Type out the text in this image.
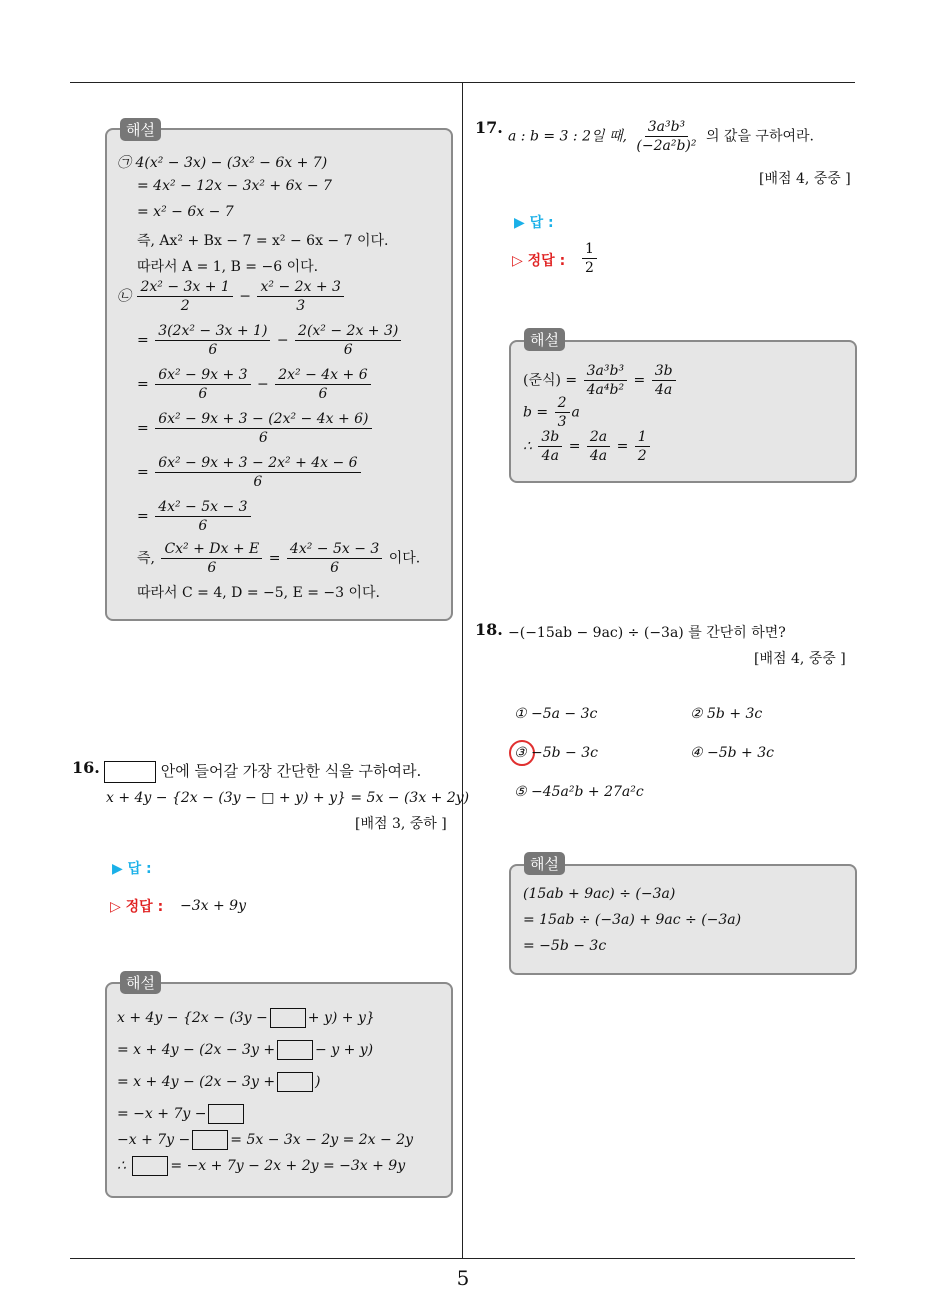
5
㉠ 4(x² − 3x) − (3x² − 6x + 7)
= 4x² − 12x − 3x² + 6x − 7
= x² − 6x − 7
즉, Ax² + Bx − 7 = x² − 6x − 7 이다.
따라서 A = 1, B = −6 이다.
㉡ $\frac{\text{2x² − 3x + 1}}{2} - \frac{\text{x² − 2x + 3}}{3}$
= $\frac{\text{3(2x² − 3x + 1)}}{6} - \frac{\text{2(x² − 2x + 3)}}{6}$
= $\frac{\text{6x² − 9x + 3}}{6} - \frac{\text{2x² − 4x + 6}}{6}$
= $\frac{\text{6x² − 9x + 3 − (2x² − 4x + 6)}}{6}$
= $\frac{\text{6x² − 9x + 3 − 2x² + 4x − 6}}{6}$
= $\frac{\text{4x² − 5x − 3}}{6}$
즉, $\frac{\text{Cx² + Dx + E}}{6} = \frac{\text{4x² − 5x − 3}}{6}$ 이다.
따라서 C = 4, D = −5, E = −3 이다.
해설
16.	안에 들어갈 가장 간단한 식을 구하여라.
x + 4y − {2x − (3y − □ + y) + y} = 5x − (3x + 2y)
[배점 3, 중하 ]
▶ 답 :
▷ 정답 : −3x + 9y
x + 4y − {2x − (3y −	+ y) + y}
= x + 4y − (2x − 3y +	− y + y)
= x + 4y − (2x − 3y +	)
= −x + 7y −
−x + 7y −	= 5x − 3x − 2y = 2x − 2y
∴	= −x + 7y − 2x + 2y = −3x + 9y
해설
17. a : b = 3 : 2일 때, $\frac{\text{3a³b³}}{\text{(−2a²b)²}}$ 의 값을 구하여라.
[배점 4, 중중 ]
▶ 답 :
▷ 정답 : $\frac{1}{2}$
(준식) = $\frac{\text{3a³b³}}{\text{4a⁴b²}} = \frac{3b}{4a}$
$b = \frac{2}{3}$ a
∴ $\frac{3b}{4a} = \frac{2a}{4a} = \frac{1}{2}$
해설
18. −(−15ab − 9ac) ÷ (−3a) 를 간단히 하면?
[배점 4, 중중 ]
① −5a − 3c	② 5b + 3c
③ −5b − 3c	④ −5b + 3c
⑤ −45a²b + 27a²c
(15ab + 9ac) ÷ (−3a)
= 15ab ÷ (−3a) + 9ac ÷ (−3a)
= −5b − 3c
해설
